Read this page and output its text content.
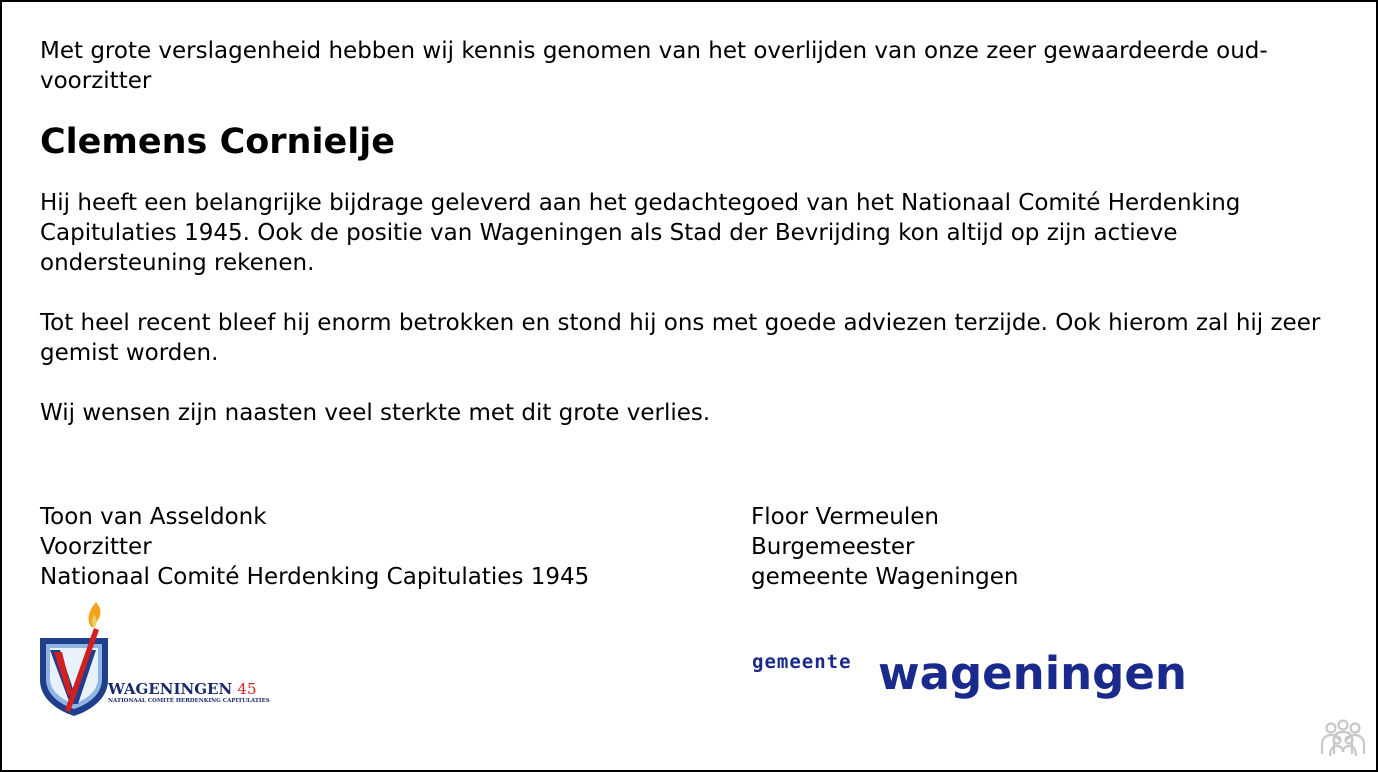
Met grote verslagenheid hebben wij kennis genomen van het overlijden van onze zeer gewaardeerde oud-voorzitter

Clemens Cornielje

Hij heeft een belangrijke bijdrage geleverd aan het gedachtegoed van het Nationaal Comité Herdenking Capitulaties 1945. Ook de positie van Wageningen als Stad der Bevrijding kon altijd op zijn actieve ondersteuning rekenen.

Tot heel recent bleef hij enorm betrokken en stond hij ons met goede adviezen terzijde. Ook hierom zal hij zeer gemist worden.

Wij wensen zijn naasten veel sterkte met dit grote verlies.

Toon van Asseldonk
Voorzitter
Nationaal Comité Herdenking Capitulaties 1945
Floor Vermeulen
Burgemeester
gemeente Wageningen
WAGENINGEN 45
NATIONAAL COMITÉ HERDENKING CAPITULATIES
gemeente wageningen
